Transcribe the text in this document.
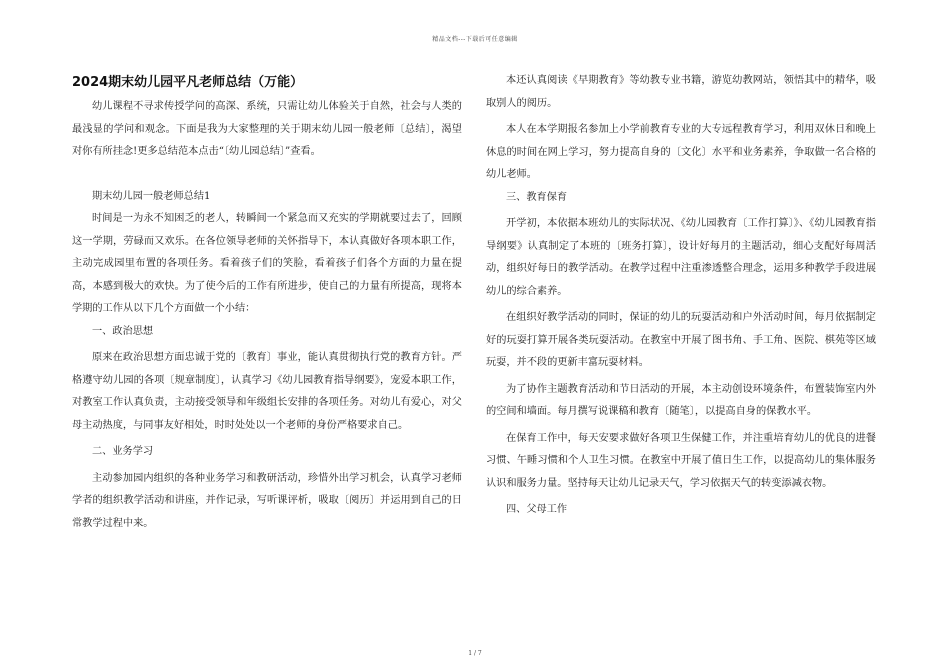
精品文档---下载后可任意编辑
2024期末幼儿园平凡老师总结（万能）

幼儿课程不寻求传授学问的高深、系统，只需让幼儿体验关于自然，社会与人类的最浅显的学问和观念。下面是我为大家整理的关于期末幼儿园一般老师〔总结〕，渴望对你有所挂念!更多总结范本点击“〔幼儿园总结〕”查看。

期末幼儿园一般老师总结1

时间是一为永不知困乏的老人，转瞬间一个紧急而又充实的学期就要过去了，回顾这一学期，劳碌而又欢乐。在各位领导老师的关怀指导下，本认真做好各项本职工作，主动完成园里布置的各项任务。看着孩子们的笑脸，看着孩子们各个方面的力量在提高，本感到极大的欢快。为了使今后的工作有所进步，使自己的力量有所提高，现将本学期的工作从以下几个方面做一个小结：

一、政治思想

原来在政治思想方面忠诚于党的〔教育〕事业，能认真贯彻执行党的教育方针。严格遵守幼儿园的各项〔规章制度〕，认真学习《幼儿园教育指导纲要》，宠爱本职工作，对教室工作认真负责，主动接受领导和年级组长安排的各项任务。对幼儿有爱心，对父母主动热度，与同事友好相处，时时处处以一个老师的身份严格要求自己。

二、业务学习

主动参加园内组织的各种业务学习和教研活动，珍惜外出学习机会，认真学习老师学者的组织教学活动和讲座，并作记录，写听课评析，吸取〔阅历〕并运用到自己的日常教学过程中来。

本还认真阅读《早期教育》等幼教专业书籍，游览幼教网站，领悟其中的精华，吸取别人的阅历。

本人在本学期报名参加上小学前教育专业的大专远程教育学习，利用双休日和晚上休息的时间在网上学习，努力提高自身的〔文化〕水平和业务素养，争取做一名合格的幼儿老师。

三、教育保育

开学初，本依据本班幼儿的实际状况、《幼儿园教育〔工作打算〕》、《幼儿园教育指导纲要》认真制定了本班的〔班务打算〕，设计好每月的主题活动，细心支配好每周活动，组织好每日的教学活动。在教学过程中注重渗透整合理念，运用多种教学手段进展幼儿的综合素养。

在组织好教学活动的同时，保证的幼儿的玩耍活动和户外活动时间，每月依据制定好的玩耍打算开展各类玩耍活动。在教室中开展了图书角、手工角、医院、棋苑等区域玩耍，并不段的更新丰富玩耍材料。

为了协作主题教育活动和节日活动的开展，本主动创设环境条件，布置装饰室内外的空间和墙面。每月撰写说课稿和教育〔随笔〕，以提高自身的保教水平。

在保育工作中，每天安要求做好各项卫生保健工作，并注重培育幼儿的优良的进餐习惯、午睡习惯和个人卫生习惯。在教室中开展了值日生工作，以提高幼儿的集体服务认识和服务力量。坚持每天让幼儿记录天气，学习依据天气的转变添减衣物。

四、父母工作

1 / 7
